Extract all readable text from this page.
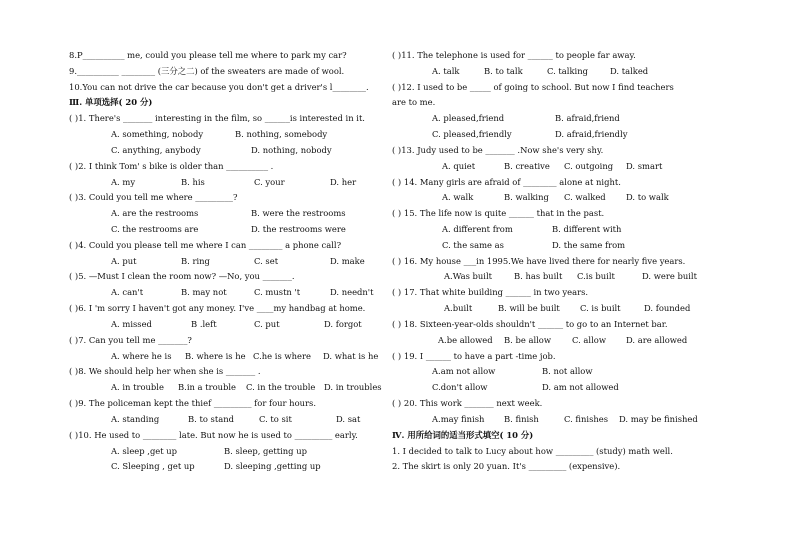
8.P__________ me, could you please tell me where to park my car?
9.__________ ________ (三分之二) of the sweaters are made of wool.
10.You can not drive the car because you don't get a driver's l________.
Ⅲ. 单项选择( 20 分)
( )1. There's _______ interesting in the film, so ______is interested in it.
A. something, nobody	B. nothing, somebody
C. anything, anybody	D. nothing, nobody
( )2. I think Tom' s bike is older than __________ .
A. my	B. his	C. your	D. her
( )3. Could you tell me where _________?
A. are the restrooms	B. were the restrooms
C. the restrooms are	D. the restrooms were
( )4. Could you please tell me where I can ________ a phone call?
A. put	B. ring	C. set	D. make
( )5. —Must I clean the room now? —No, you _______.
A. can't	B. may not	C. mustn 't	D. needn't
( )6. I 'm sorry I haven't got any money. I've ____my handbag at home.
A. missed	B .left	C. put	D. forgot
( )7. Can you tell me _______?
A. where he is B. where is he C.he is where D. what is he
( )8. We should help her when she is _______ .
A. in trouble B.in a trouble C. in the trouble D. in troubles
( )9. The policeman kept the thief _________ for four hours.
A. standing	B. to stand	C. to sit	D. sat
( )10. He used to ________ late. But now he is used to _________ early.
A. sleep ,get up	B. sleep, getting up
C. Sleeping , get up	D. sleeping ,getting up
( )11. The telephone is used for ______ to people far away.
A. talk	B. to talk	C. talking	D. talked
( )12. I used to be _____ of going to school. But now I find teachers
are to me.
A. pleased,friend	B. afraid,friend
C. pleased,friendly	D. afraid,friendly
( )13. Judy used to be _______ .Now she's very shy.
A. quiet	B. creative C. outgoing D. smart
( ) 14. Many girls are afraid of ________ alone at night.
A. walk	B. walking C. walked D. to walk
( ) 15. The life now is quite ______ that in the past.
A. different from	B. different with
C. the same as	D. the same from
( ) 16. My house ___in 1995.We have lived there for nearly five years.
A.Was built	B. has built C.is built	D. were built
( ) 17. That white building ______ in two years.
A.built	B. will be built C. is built	D. founded
( ) 18. Sixteen-year-olds shouldn't ______ to go to an Internet bar.
A.be allowed B. be allow C. allow D. are allowed
( ) 19. I ______ to have a part -time job.
A.am not allow	B. not allow
C.don't allow	D. am not allowed
( ) 20. This work _______ next week.
A.may finish B. finish	C. finishes D. may be finished
Ⅳ. 用所给词的适当形式填空( 10 分)
1. I decided to talk to Lucy about how _________ (study) math well.
2. The skirt is only 20 yuan. It's _________ (expensive).
